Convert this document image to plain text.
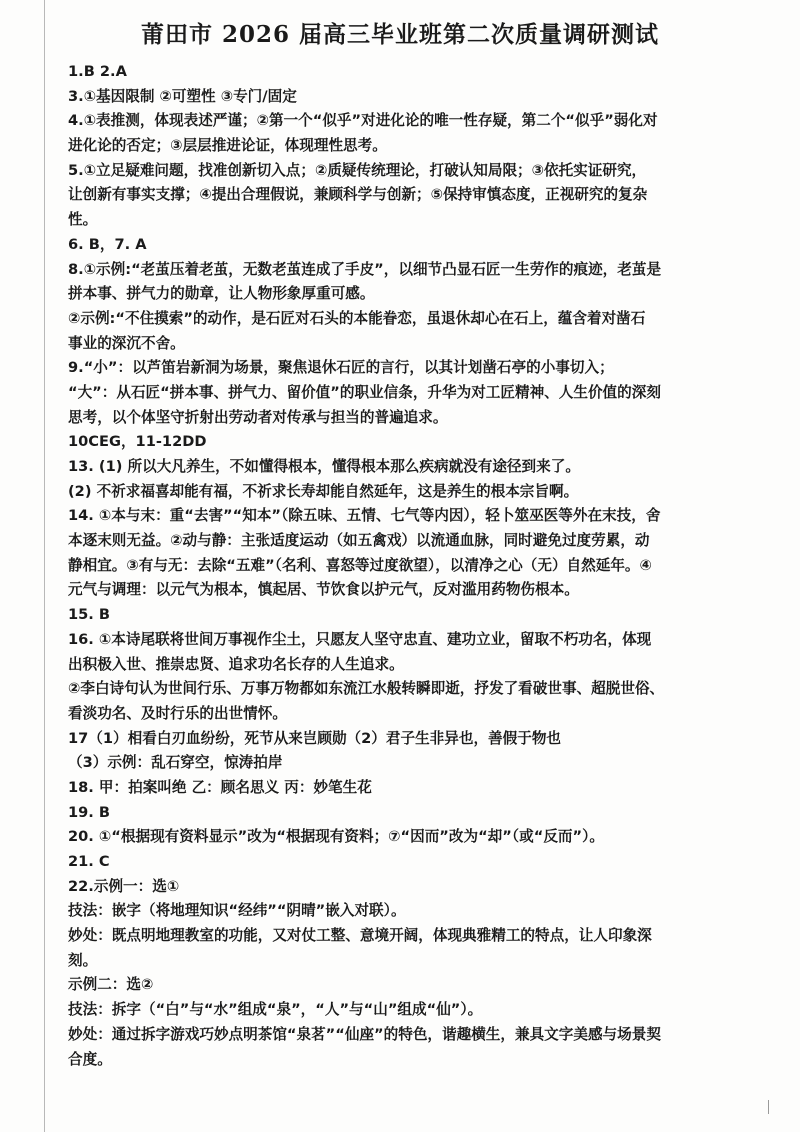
莆田市 2026 届高三毕业班第二次质量调研测试
1.B 2.A
3.①基因限制 ②可塑性 ③专门/固定
4.①表推测，体现表述严谨；②第一个“似乎”对进化论的唯一性存疑，第二个“似乎”弱化对
进化论的否定；③层层推进论证，体现理性思考。
5.①立足疑难问题，找准创新切入点；②质疑传统理论，打破认知局限；③依托实证研究，
让创新有事实支撑；④提出合理假说，兼顾科学与创新；⑤保持审慎态度，正视研究的复杂
性。
6. B，7. A
8.①示例:“老茧压着老茧，无数老茧连成了手皮”，以细节凸显石匠一生劳作的痕迹，老茧是
拼本事、拼气力的勋章，让人物形象厚重可感。
②示例:“不住摸索”的动作，是石匠对石头的本能眷恋，虽退休却心在石上，蕴含着对凿石
事业的深沉不舍。
9.“小”：以芦笛岩新洞为场景，聚焦退休石匠的言行，以其计划凿石亭的小事切入；
“大”：从石匠“拼本事、拼气力、留价值”的职业信条，升华为对工匠精神、人生价值的深刻
思考，以个体坚守折射出劳动者对传承与担当的普遍追求。
10CEG，11-12DD
13. (1) 所以大凡养生，不如懂得根本，懂得根本那么疾病就没有途径到来了。
(2) 不祈求福喜却能有福，不祈求长寿却能自然延年，这是养生的根本宗旨啊。
14. ①本与末：重“去害”“知本”（除五味、五情、七气等内因），轻卜筮巫医等外在末技，舍
本逐末则无益。②动与静：主张适度运动（如五禽戏）以流通血脉，同时避免过度劳累，动
静相宜。③有与无：去除“五难”（名利、喜怒等过度欲望），以清净之心（无）自然延年。④
元气与调理：以元气为根本，慎起居、节饮食以护元气，反对滥用药物伤根本。
15. B
16. ①本诗尾联将世间万事视作尘土，只愿友人坚守忠直、建功立业，留取不朽功名，体现
出积极入世、推崇忠贤、追求功名长存的人生追求。
②李白诗句认为世间行乐、万事万物都如东流江水般转瞬即逝，抒发了看破世事、超脱世俗、
看淡功名、及时行乐的出世情怀。
17（1）相看白刃血纷纷，死节从来岂顾勋（2）君子生非异也，善假于物也
（3）示例：乱石穿空，惊涛拍岸
18. 甲：拍案叫绝 乙：顾名思义 丙：妙笔生花
19. B
20. ①“根据现有资料显示”改为“根据现有资料；⑦“因而”改为“却”（或“反而”）。
21. C
22.示例一：选①
技法：嵌字（将地理知识“经纬”“阴晴”嵌入对联）。
妙处：既点明地理教室的功能，又对仗工整、意境开阔，体现典雅精工的特点，让人印象深
刻。
示例二：选②
技法：拆字（“白”与“水”组成“泉”，“人”与“山”组成“仙”）。
妙处：通过拆字游戏巧妙点明茶馆“泉茗”“仙座”的特色，谐趣横生，兼具文字美感与场景契
合度。
